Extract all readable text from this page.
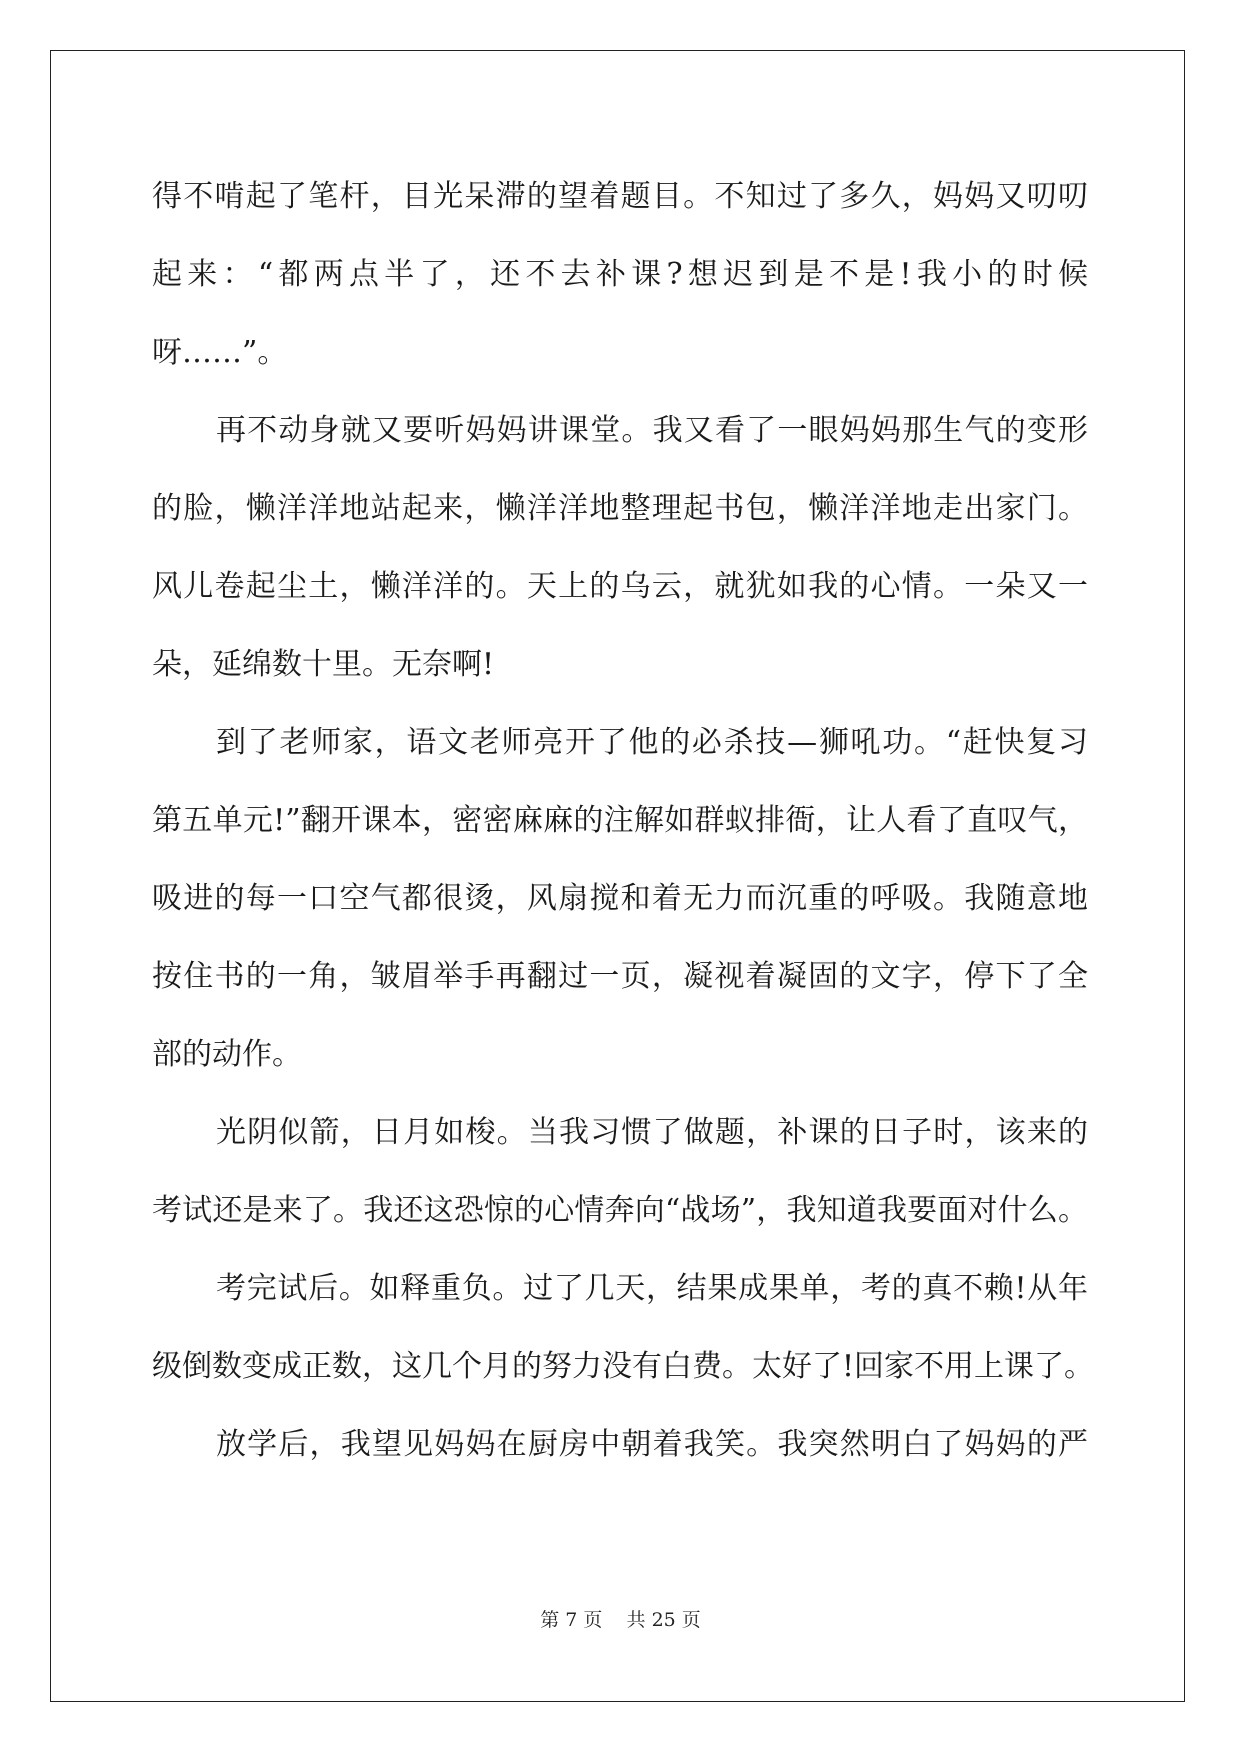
得不啃起了笔杆，目光呆滞的望着题目。不知过了多久，妈妈又叨叨
起来：“都两点半了，还不去补课?想迟到是不是!我小的时候
呀……”。
再不动身就又要听妈妈讲课堂。我又看了一眼妈妈那生气的变形
的脸，懒洋洋地站起来，懒洋洋地整理起书包，懒洋洋地走出家门。
风儿卷起尘土，懒洋洋的。天上的乌云，就犹如我的心情。一朵又一
朵，延绵数十里。无奈啊!
到了老师家，语文老师亮开了他的必杀技—狮吼功。“赶快复习
第五单元!”翻开课本，密密麻麻的注解如群蚁排衙，让人看了直叹气，
吸进的每一口空气都很烫，风扇搅和着无力而沉重的呼吸。我随意地
按住书的一角，皱眉举手再翻过一页，凝视着凝固的文字，停下了全
部的动作。
光阴似箭，日月如梭。当我习惯了做题，补课的日子时，该来的
考试还是来了。我还这恐惊的心情奔向“战场”，我知道我要面对什么。
考完试后。如释重负。过了几天，结果成果单，考的真不赖!从年
级倒数变成正数，这几个月的努力没有白费。太好了!回家不用上课了。
放学后，我望见妈妈在厨房中朝着我笑。我突然明白了妈妈的严
第 7 页 共 25 页
